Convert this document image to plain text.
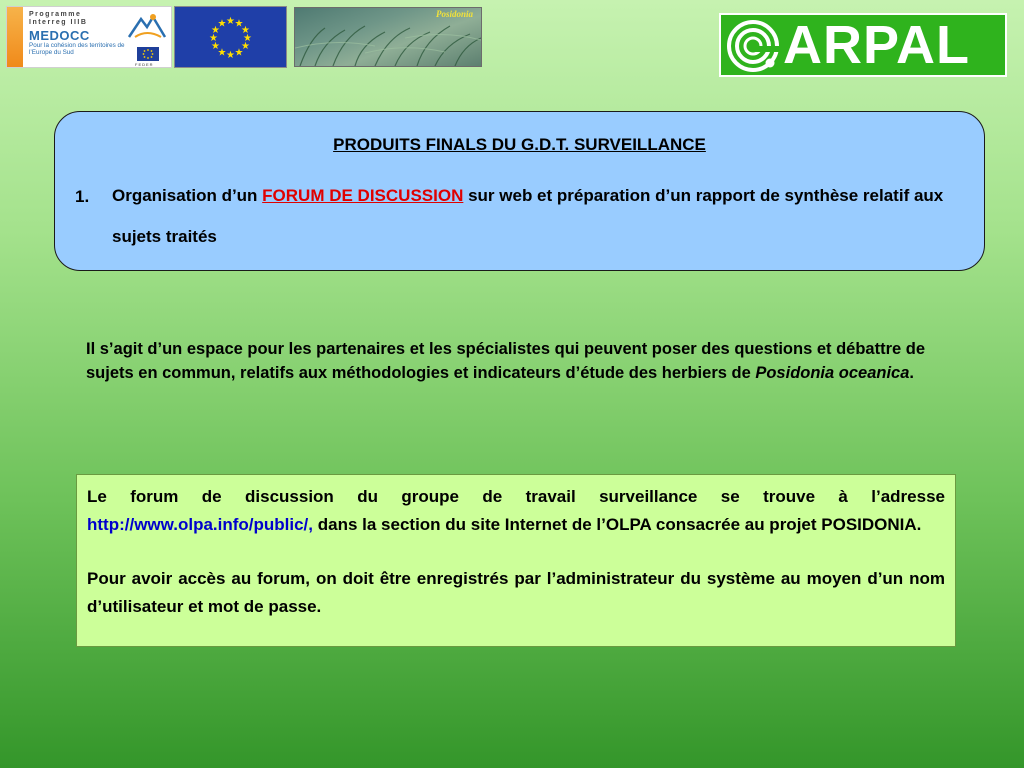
Programme
Interreg IIIB
MEDOCC
Pour la cohésion des territoires de l’Europe du Sud
FEDER
★ ★
★
★
★
★
★
★
★
★
★
★
Posidonia
ARPAL
PRODUITS FINALS DU G.D.T. SURVEILLANCE
1. Organisation d’un FORUM DE DISCUSSION sur web et préparation d’un rapport de synthèse relatif aux sujets traités
Il s’agit d’un espace pour les partenaires et les spécialistes qui peuvent poser des questions et débattre de sujets en commun, relatifs aux méthodologies et indicateurs d’étude des herbiers de Posidonia oceanica.

Le forum de discussion du groupe de travail surveillance se trouve à l’adresse http://www.olpa.info/public/, dans la section du site Internet de l’OLPA consacrée au projet POSIDONIA.

Pour avoir accès au forum, on doit être enregistrés par l’administrateur du système au moyen d’un nom d’utilisateur et mot de passe.
